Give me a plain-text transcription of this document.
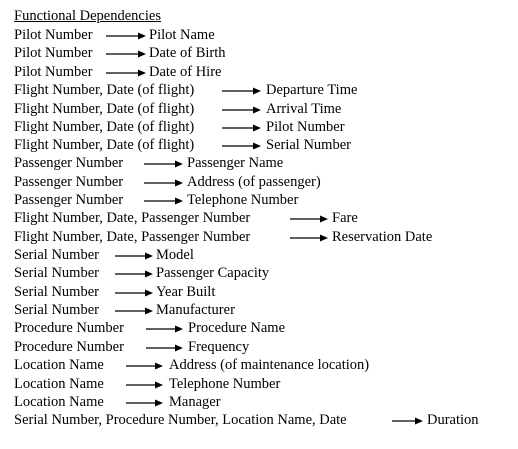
Functional Dependencies
Pilot Number	Pilot Name
Pilot Number	Date of Birth
Pilot Number	Date of Hire
Flight Number, Date (of flight)	Departure Time
Flight Number, Date (of flight)	Arrival Time
Flight Number, Date (of flight)	Pilot Number
Flight Number, Date (of flight)	Serial Number
Passenger Number	Passenger Name
Passenger Number	Address (of passenger)
Passenger Number	Telephone Number
Flight Number, Date, Passenger Number	Fare
Flight Number, Date, Passenger Number	Reservation Date
Serial Number	Model
Serial Number	Passenger Capacity
Serial Number	Year Built
Serial Number	Manufacturer
Procedure Number	Procedure Name
Procedure Number	Frequency
Location Name	Address (of maintenance location)
Location Name	Telephone Number
Location Name	Manager
Serial Number, Procedure Number, Location Name, Date	Duration
